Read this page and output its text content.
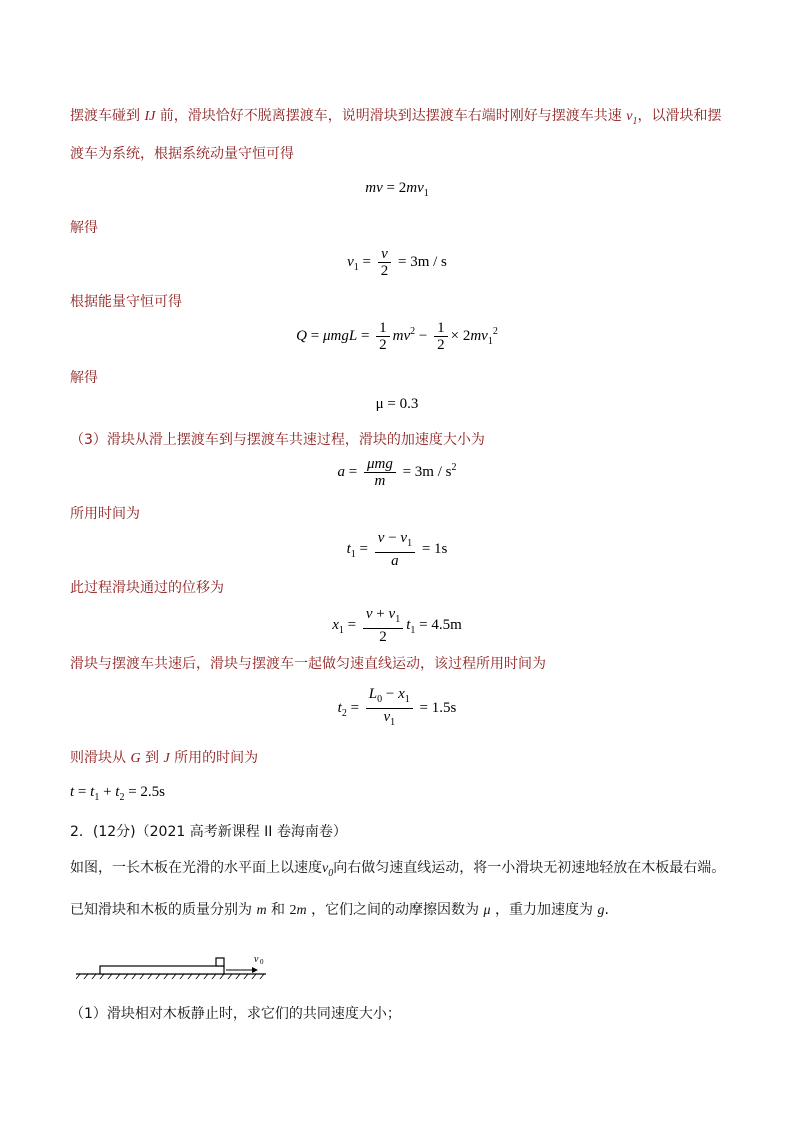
摆渡车碰到 IJ 前，滑块恰好不脱离摆渡车，说明滑块到达摆渡车右端时刚好与摆渡车共速 $v_1$，以滑块和摆
渡车为系统，根据系统动量守恒可得
mv = $2mv_1$
解得
$v_1 = \frac{v}{2} = 3m / s$
根据能量守恒可得
$Q = \mu mgL = \frac{1}{2} mv^2 - \frac{1}{2} \times 2mv_1^2$
解得
μ = 0.3
（3）滑块从滑上摆渡车到与摆渡车共速过程，滑块的加速度大小为
$a = \frac{\text{μmg}}{m} = 3m / s^2$
所用时间为
$t_1 = \frac{v - v_1}{a} = 1s$
此过程滑块通过的位移为
$x_1 = \frac{v + v_1}{2} t_1 = 4.5m$
滑块与摆渡车共速后，滑块与摆渡车一起做匀速直线运动，该过程所用时间为
$t_2 = \frac{L_0 - x_1}{v_1} = 1.5s$
则滑块从 G 到 J 所用的时间为
$t = t_1 + t_2 = 2.5s$
2．(12分)（2021 高考新课程 II 卷海南卷）
如图，一长木板在光滑的水平面上以速度$v_0$向右做匀速直线运动，将一小滑块无初速地轻放在木板最右端。
已知滑块和木板的质量分别为 m 和 2m ，它们之间的动摩擦因数为 μ ，重力加速度为 g.
v 0
（1）滑块相对木板静止时，求它们的共同速度大小；
